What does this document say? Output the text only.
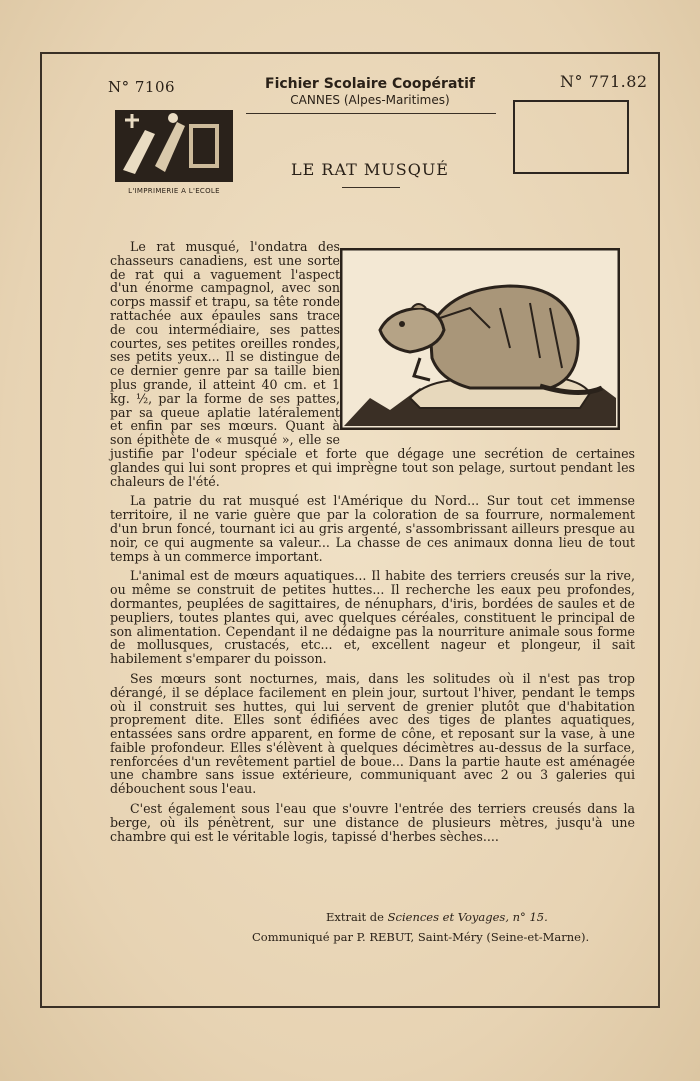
N° 7106	Fichier Scolaire Coopératif
CANNES (Alpes-Maritimes)
N° 771.82
L'IMPRIMERIE A L'ECOLE
LE RAT MUSQUÉ

Le rat musqué, l'ondatra des chasseurs canadiens, est une sorte de rat qui a vaguement l'aspect d'un énorme campagnol, avec son corps massif et trapu, sa tête ronde rattachée aux épaules sans trace de cou intermédiaire, ses pattes courtes, ses petites oreilles rondes, ses petits yeux... Il se distingue de ce dernier genre par sa taille bien plus grande, il atteint 40 cm. et 1 kg. ½, par la forme de ses pattes, par sa queue aplatie latéralement et enfin par ses mœurs. Quant à son épithète de « musqué », elle se justifie par l'odeur spéciale et forte que dégage une secrétion de certaines glandes qui lui sont propres et qui imprègne tout son pelage, surtout pendant les chaleurs de l'été.

La patrie du rat musqué est l'Amérique du Nord... Sur tout cet immense territoire, il ne varie guère que par la coloration de sa fourrure, normalement d'un brun foncé, tournant ici au gris argenté, s'assombrissant ailleurs presque au noir, ce qui augmente sa valeur... La chasse de ces animaux donna lieu de tout temps à un commerce important.

L'animal est de mœurs aquatiques... Il habite des terriers creusés sur la rive, ou même se construit de petites huttes... Il recherche les eaux peu profondes, dormantes, peuplées de sagittaires, de nénuphars, d'iris, bordées de saules et de peupliers, toutes plantes qui, avec quelques céréales, constituent le principal de son alimentation. Cependant il ne dédaigne pas la nourriture animale sous forme de mollusques, crustacés, etc... et, excellent nageur et plongeur, il sait habilement s'emparer du poisson.

Ses mœurs sont nocturnes, mais, dans les solitudes où il n'est pas trop dérangé, il se déplace facilement en plein jour, surtout l'hiver, pendant le temps où il construit ses huttes, qui lui servent de grenier plutôt que d'habitation proprement dite. Elles sont édifiées avec des tiges de plantes aquatiques, entassées sans ordre apparent, en forme de cône, et reposant sur la vase, à une faible profondeur. Elles s'élèvent à quelques décimètres au-dessus de la surface, renforcées d'un revêtement partiel de boue... Dans la partie haute est aménagée une chambre sans issue extérieure, communiquant avec 2 ou 3 galeries qui débouchent sous l'eau.

C'est également sous l'eau que s'ouvre l'entrée des terriers creusés dans la berge, où ils pénètrent, sur une distance de plusieurs mètres, jusqu'à une chambre qui est le véritable logis, tapissé d'herbes sèches....

Extrait de Sciences et Voyages, n° 15.
Communiqué par P. REBUT, Saint-Méry (Seine-et-Marne).
